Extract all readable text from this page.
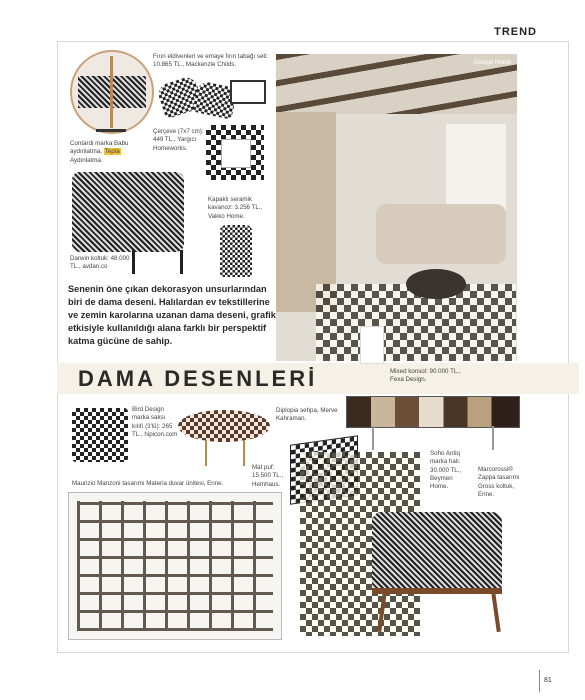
TREND
Contardi marka Babu aydınlatma, Tepta Aydınlatma.
Fırın eldivenleri ve emaye fırın tabağı seti: 10.865 TL., Mackenzie Childs.
Çerçeve (7x7 cm): 449 TL., Yargıcı Homeworks.
Kapaklı seramik kavanoz: 3.256 TL., Vakko Home.
Darwin koltuk: 48.000 TL., avdan.co
George Home
Senenin öne çıkan dekorasyon unsurlarından biri de dama deseni. Halılardan ev tekstillerine ve zemin karolarına uzanan dama deseni, grafik etkisiyle kullanıldığı alana farklı bir perspektif katma gücüne de sahip.
DAMA DESENLERİ	Mixed konsol: 90.000 TL., Fexa Design.
Bird Design marka saksı kılıfı (3'lü): 265 TL., hipicon.com
Diplopia sehpa, Merve Kahraman.
Mat puf: 15.500 TL., Hemhaus.
Maurizio Manzoni tasarımı Materia duvar ünitesi, Enne.
Soho Antiq marka halı: 30.000 TL., Beymen Home.
Marcorossi® Zappa tasarımı Gross koltuk, Enne.
81
